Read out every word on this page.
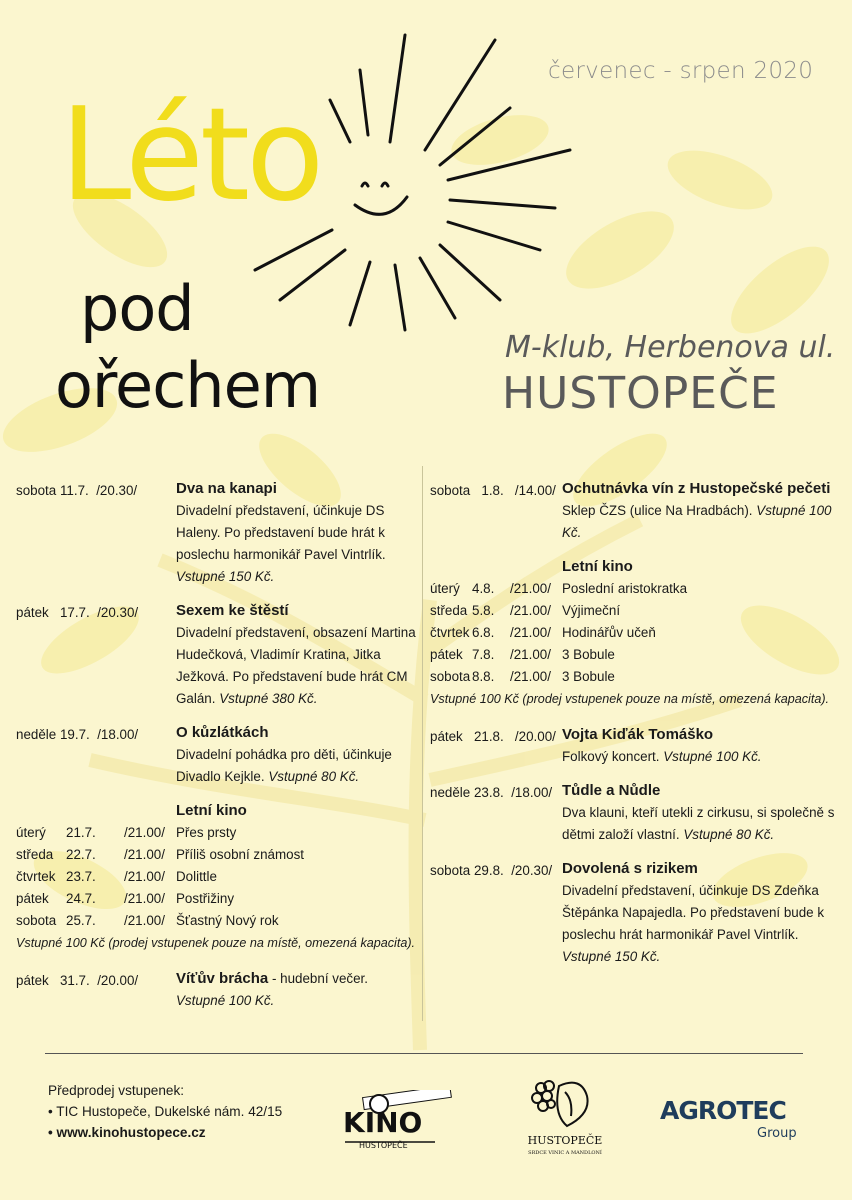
červenec - srpen 2020
Léto
pod
ořechem
M-klub, Herbenova ul.
HUSTOPEČE
sobota 11.7. /20.30/	Dva na kanapi
Divadelní představení, účinkuje DS Haleny. Po představení bude hrát k poslechu harmonikář Pavel Vintrlík. Vstupné 150 Kč.
pátek 17.7. /20.30/	Sexem ke štěstí
Divadelní představení, obsazení Martina Hudečková, Vladimír Kratina, Jitka Ježková. Po představení bude hrát CM Galán. Vstupné 380 Kč.
neděle 19.7. /18.00/	O kůzlátkách
Divadelní pohádka pro děti, účinkuje Divadlo Kejkle. Vstupné 80 Kč.
Letní kino
úterý 21.7. /21.00/ Přes prsty
středa 22.7. /21.00/ Příliš osobní známost
čtvrtek 23.7. /21.00/ Dolittle
pátek 24.7. /21.00/ Postřižiny
sobota 25.7. /21.00/ Šťastný Nový rok
Vstupné 100 Kč (prodej vstupenek pouze na místě, omezená kapacita).
pátek 31.7. /20.00/	Víťův brácha - hudební večer.
Vstupné 100 Kč.
sobota 1.8. /14.00/ Ochutnávka vín z Hustopečské pečeti
Sklep ČZS (ulice Na Hradbách). Vstupné 100 Kč.
Letní kino
úterý 4.8. /21.00/ Poslední aristokratka
středa 5.8. /21.00/ Výjimeční
čtvrtek 6.8. /21.00/ Hodinářův učeň
pátek 7.8. /21.00/ 3 Bobule
sobota 8.8. /21.00/ 3 Bobule
Vstupné 100 Kč (prodej vstupenek pouze na místě, omezená kapacita).
pátek 21.8. /20.00/ Vojta Kiďák Tomáško
Folkový koncert. Vstupné 100 Kč.
neděle 23.8. /18.00/ Tůdle a Nůdle
Dva klauni, kteří utekli z cirkusu, si společně s dětmi založí vlastní. Vstupné 80 Kč.
sobota 29.8. /20.30/ Dovolená s rizikem
Divadelní představení, účinkuje DS Zdeňka Štěpánka Napajedla. Po představení bude k poslechu hrát harmonikář Pavel Vintrlík. Vstupné 150 Kč.
Předprodej vstupenek:
• TIC Hustopeče, Dukelské nám. 42/15
• www.kinohustopece.cz	KINO
HUSTOPEČE	HUSTOPEČE
SRDCE VINIC A MANDLONÍ
AGROTEC
Group
